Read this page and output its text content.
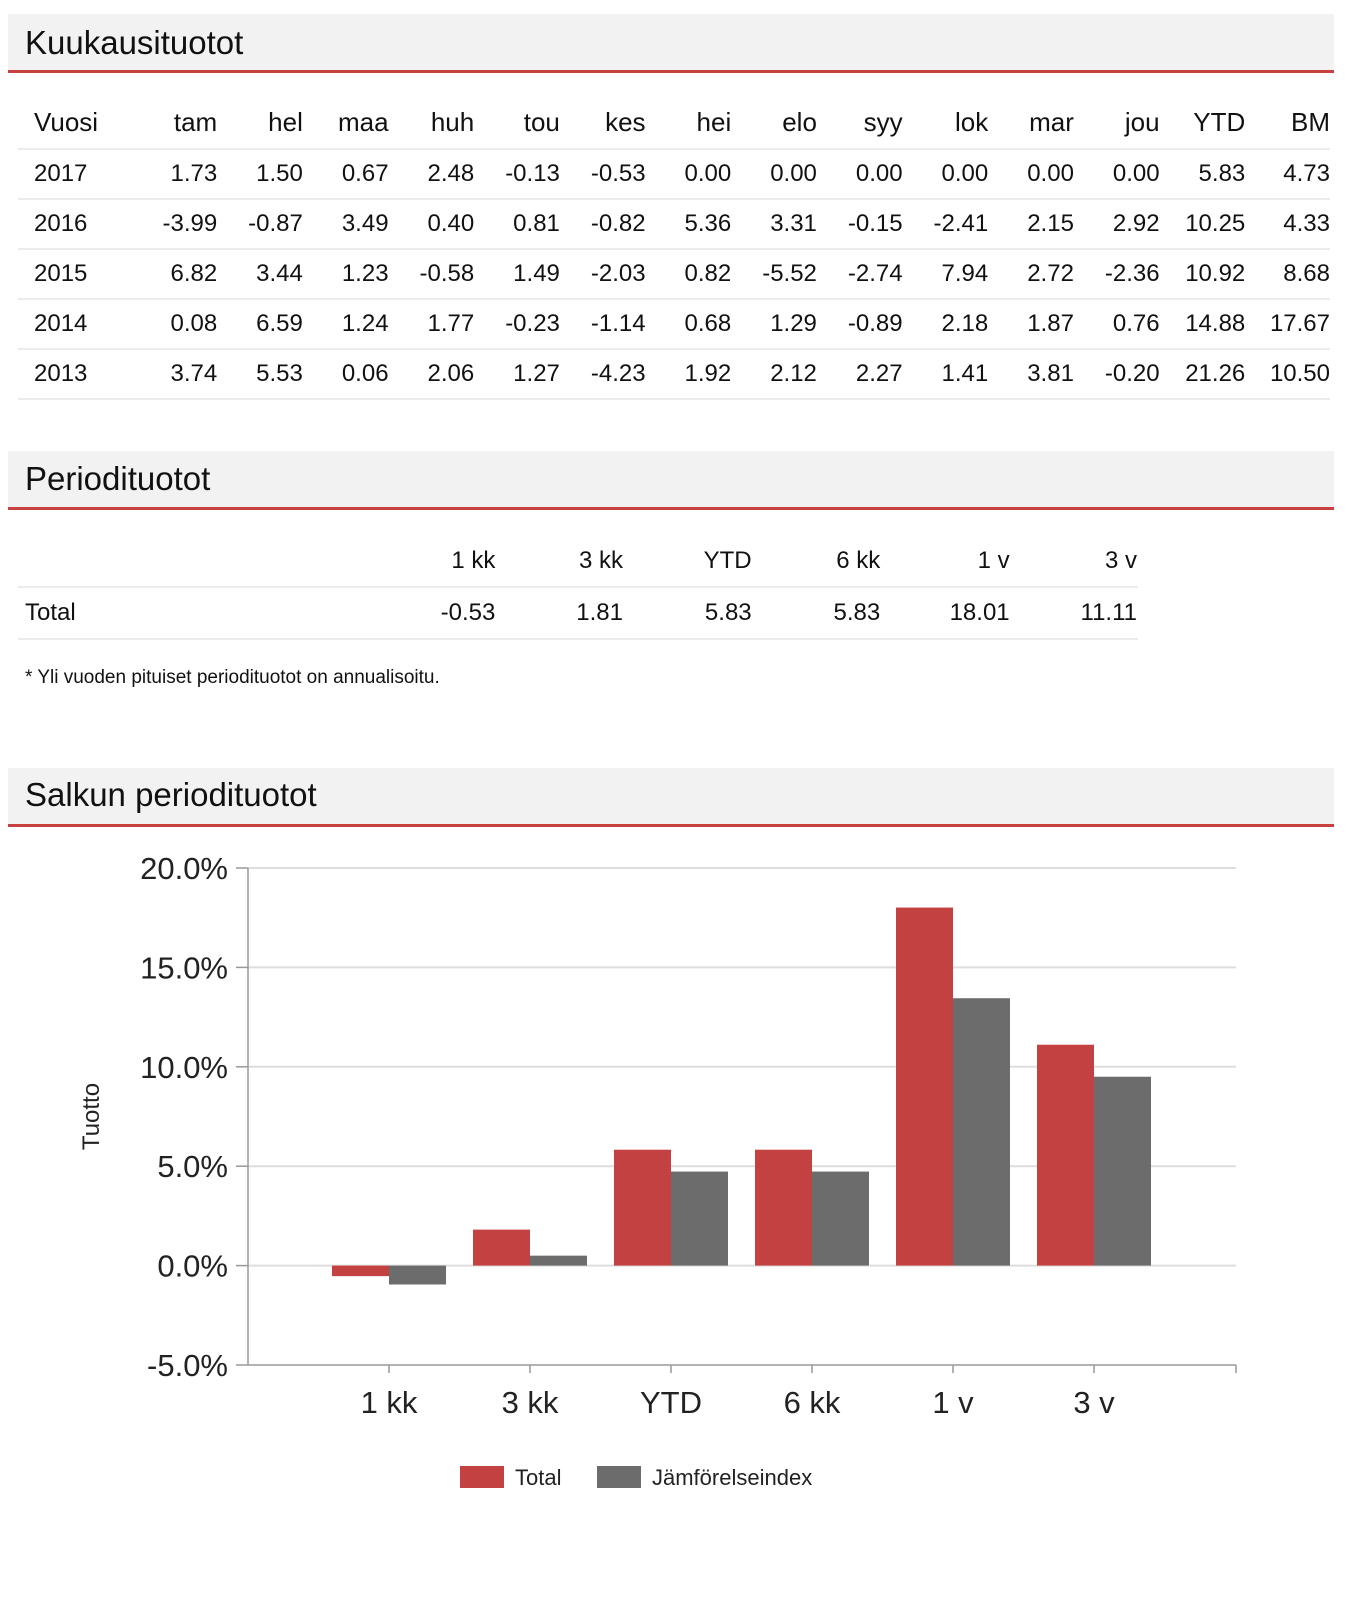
Kuukausituotot
Vuosi	tam	hel	maa	huh	tou	kes	hei	elo	syy	lok	mar	jou	YTD	BM
2017	1.73	1.50	0.67	2.48	-0.13	-0.53	0.00	0.00	0.00	0.00	0.00	0.00	5.83	4.73
2016	-3.99	-0.87	3.49	0.40	0.81	-0.82	5.36	3.31	-0.15	-2.41	2.15	2.92	10.25	4.33
2015	6.82	3.44	1.23	-0.58	1.49	-2.03	0.82	-5.52	-2.74	7.94	2.72	-2.36	10.92	8.68
2014	0.08	6.59	1.24	1.77	-0.23	-1.14	0.68	1.29	-0.89	2.18	1.87	0.76	14.88	17.67
2013	3.74	5.53	0.06	2.06	1.27	-4.23	1.92	2.12	2.27	1.41	3.81	-0.20	21.26	10.50
Periodituotot
	1 kk	3 kk	YTD	6 kk	1 v	3 v
Total	-0.53	1.81	5.83	5.83	18.01	11.11
* Yli vuoden pituiset periodituotot on annualisoitu.
Salkun periodituotot
-5.0%
0.0%
5.0%
10.0%
15.0%
20.0%
Tuotto
1 kk	3 kk	YTD	6 kk	1 v	3 v
Total	Jämförelseindex
